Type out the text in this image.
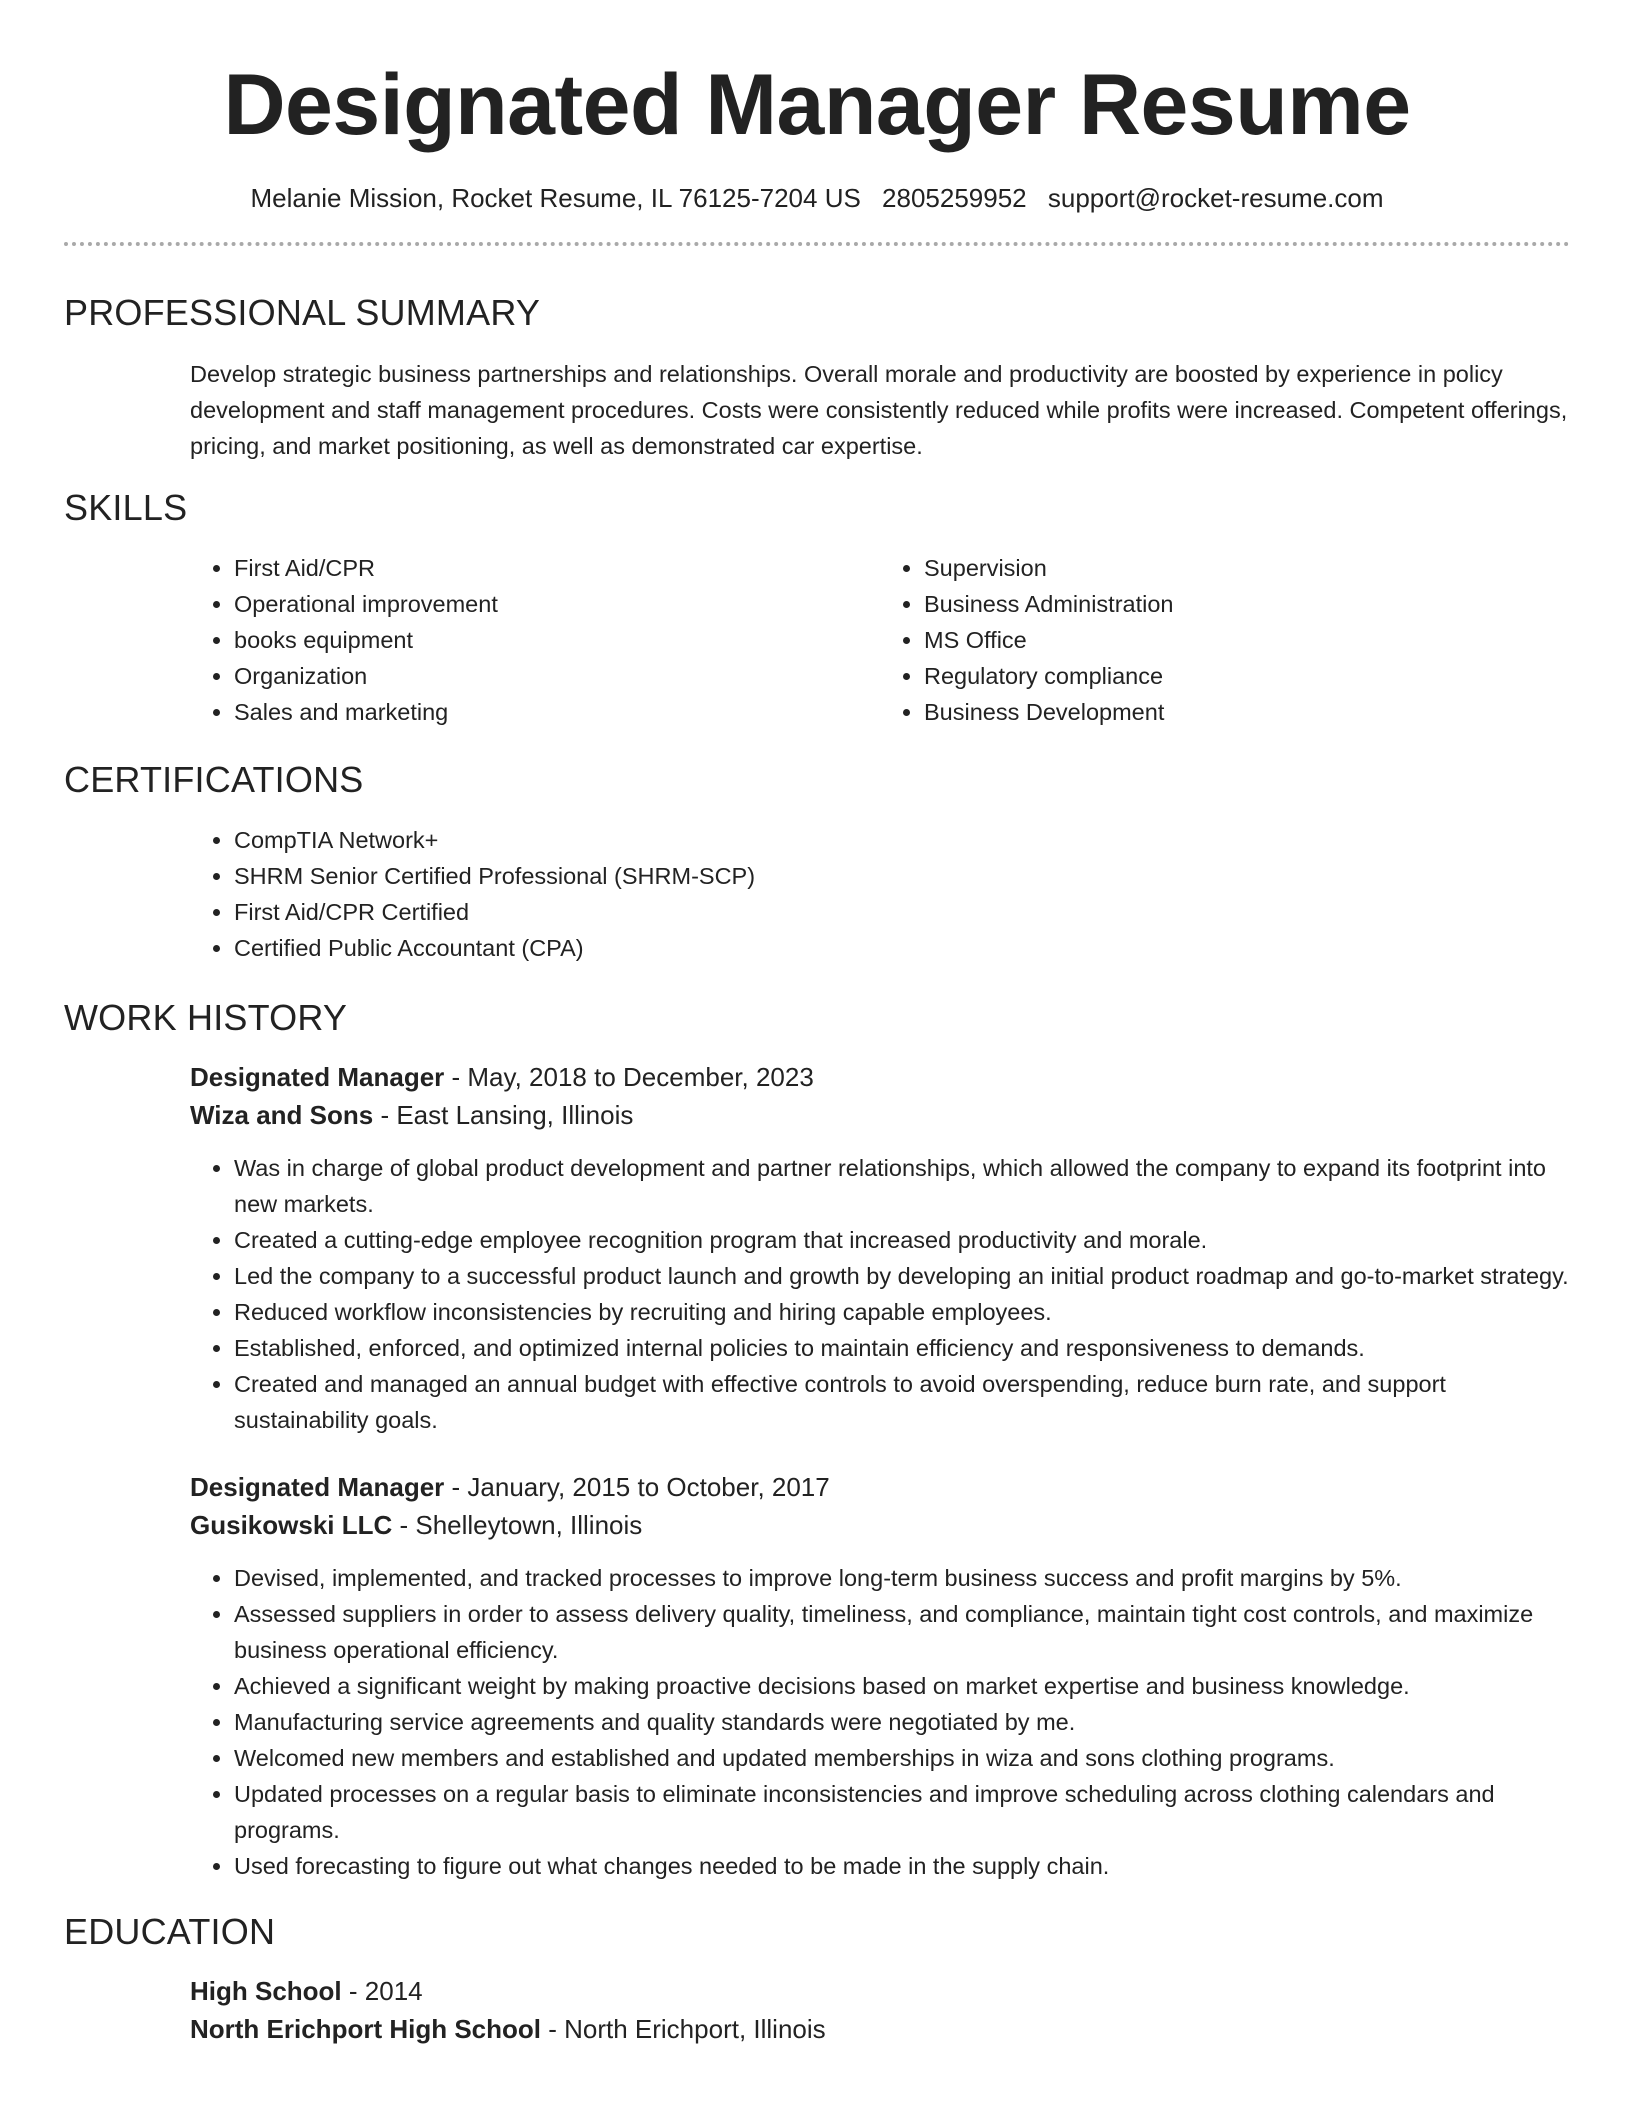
Designated Manager Resume
Melanie Mission, Rocket Resume, IL 76125-7204 US 2805259952 support@rocket-resume.com
PROFESSIONAL SUMMARY

Develop strategic business partnerships and relationships. Overall morale and productivity are boosted by experience in policy development and staff management procedures. Costs were consistently reduced while profits were increased. Competent offerings, pricing, and market positioning, as well as demonstrated car expertise.

SKILLS
• First Aid/CPR
• Operational improvement
• books equipment
• Organization
• Sales and marketing
• Supervision
• Business Administration
• MS Office
• Regulatory compliance
• Business Development
CERTIFICATIONS
• CompTIA Network+
• SHRM Senior Certified Professional (SHRM-SCP)
• First Aid/CPR Certified
• Certified Public Accountant (CPA)
WORK HISTORY
Designated Manager - May, 2018 to December, 2023
Wiza and Sons - East Lansing, Illinois
• Was in charge of global product development and partner relationships, which allowed the company to expand its footprint into new markets.
• Created a cutting-edge employee recognition program that increased productivity and morale.
• Led the company to a successful product launch and growth by developing an initial product roadmap and go-to-market strategy.
• Reduced workflow inconsistencies by recruiting and hiring capable employees.
• Established, enforced, and optimized internal policies to maintain efficiency and responsiveness to demands.
• Created and managed an annual budget with effective controls to avoid overspending, reduce burn rate, and support sustainability goals.
Designated Manager - January, 2015 to October, 2017
Gusikowski LLC - Shelleytown, Illinois
• Devised, implemented, and tracked processes to improve long-term business success and profit margins by 5%.
• Assessed suppliers in order to assess delivery quality, timeliness, and compliance, maintain tight cost controls, and maximize business operational efficiency.
• Achieved a significant weight by making proactive decisions based on market expertise and business knowledge.
• Manufacturing service agreements and quality standards were negotiated by me.
• Welcomed new members and established and updated memberships in wiza and sons clothing programs.
• Updated processes on a regular basis to eliminate inconsistencies and improve scheduling across clothing calendars and programs.
• Used forecasting to figure out what changes needed to be made in the supply chain.
EDUCATION
High School - 2014
North Erichport High School - North Erichport, Illinois
